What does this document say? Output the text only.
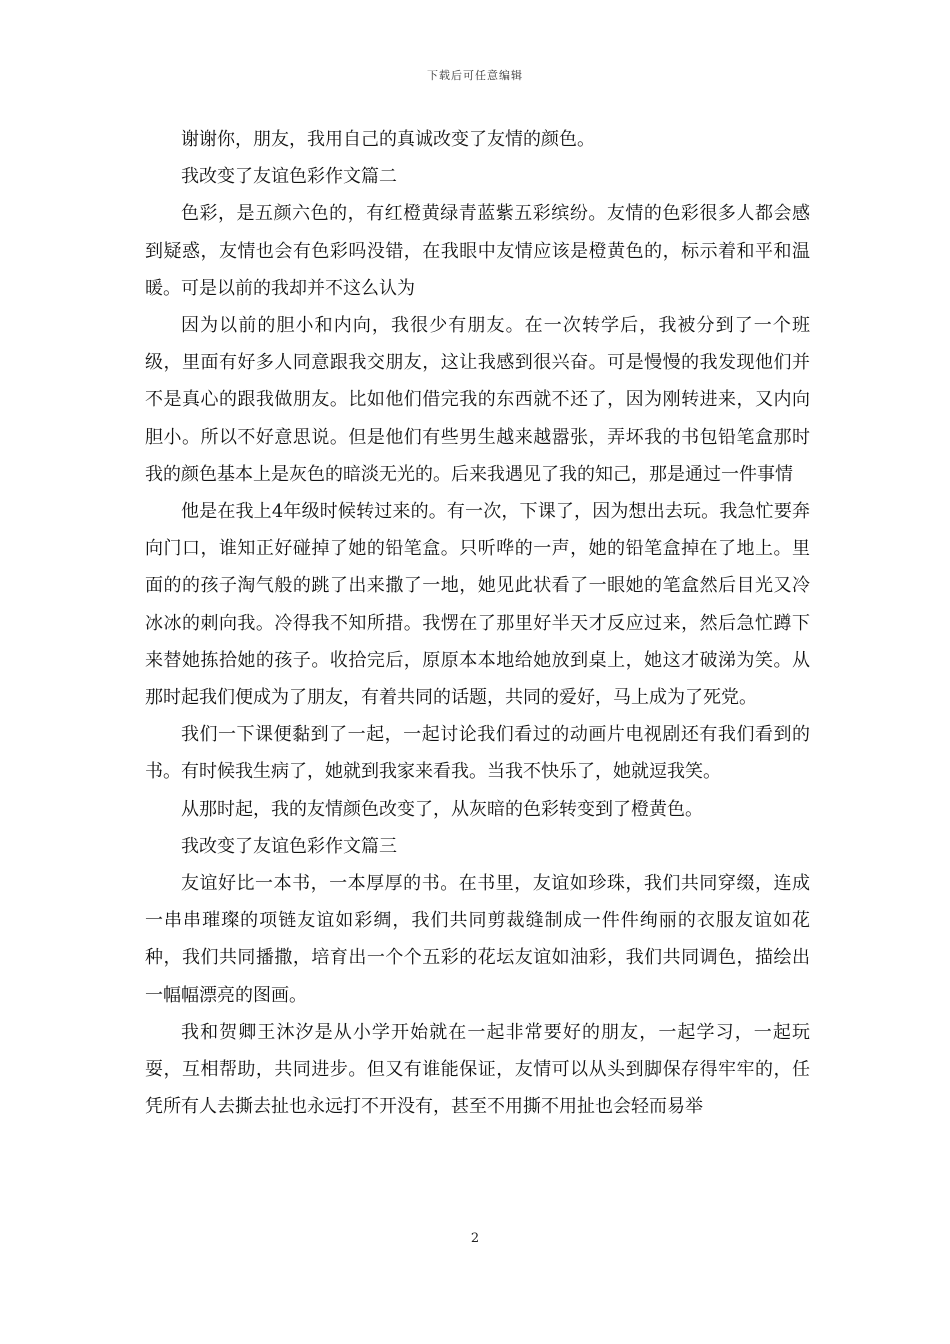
下载后可任意编辑

谢谢你，朋友，我用自己的真诚改变了友情的颜色。

我改变了友谊色彩作文篇二

色彩，是五颜六色的，有红橙黄绿青蓝紫五彩缤纷。友情的色彩很多人都会感到疑惑，友情也会有色彩吗没错，在我眼中友情应该是橙黄色的，标示着和平和温暖。可是以前的我却并不这么认为

因为以前的胆小和内向，我很少有朋友。在一次转学后，我被分到了一个班级，里面有好多人同意跟我交朋友，这让我感到很兴奋。可是慢慢的我发现他们并不是真心的跟我做朋友。比如他们借完我的东西就不还了，因为刚转进来，又内向胆小。所以不好意思说。但是他们有些男生越来越嚣张，弄坏我的书包铅笔盒那时我的颜色基本上是灰色的暗淡无光的。后来我遇见了我的知己，那是通过一件事情

他是在我上4年级时候转过来的。有一次，下课了，因为想出去玩。我急忙要奔向门口，谁知正好碰掉了她的铅笔盒。只听哗的一声，她的铅笔盒掉在了地上。里面的的孩子淘气般的跳了出来撒了一地，她见此状看了一眼她的笔盒然后目光又冷冰冰的刺向我。冷得我不知所措。我愣在了那里好半天才反应过来，然后急忙蹲下来替她拣拾她的孩子。收拾完后，原原本本地给她放到桌上，她这才破涕为笑。从那时起我们便成为了朋友，有着共同的话题，共同的爱好，马上成为了死党。

我们一下课便黏到了一起，一起讨论我们看过的动画片电视剧还有我们看到的书。有时候我生病了，她就到我家来看我。当我不快乐了，她就逗我笑。

从那时起，我的友情颜色改变了，从灰暗的色彩转变到了橙黄色。

我改变了友谊色彩作文篇三

友谊好比一本书，一本厚厚的书。在书里，友谊如珍珠，我们共同穿缀，连成一串串璀璨的项链友谊如彩绸，我们共同剪裁缝制成一件件绚丽的衣服友谊如花种，我们共同播撒，培育出一个个五彩的花坛友谊如油彩，我们共同调色，描绘出一幅幅漂亮的图画。

我和贺卿王沐汐是从小学开始就在一起非常要好的朋友，一起学习，一起玩耍，互相帮助，共同进步。但又有谁能保证，友情可以从头到脚保存得牢牢的，任凭所有人去撕去扯也永远打不开没有，甚至不用撕不用扯也会轻而易举

2
